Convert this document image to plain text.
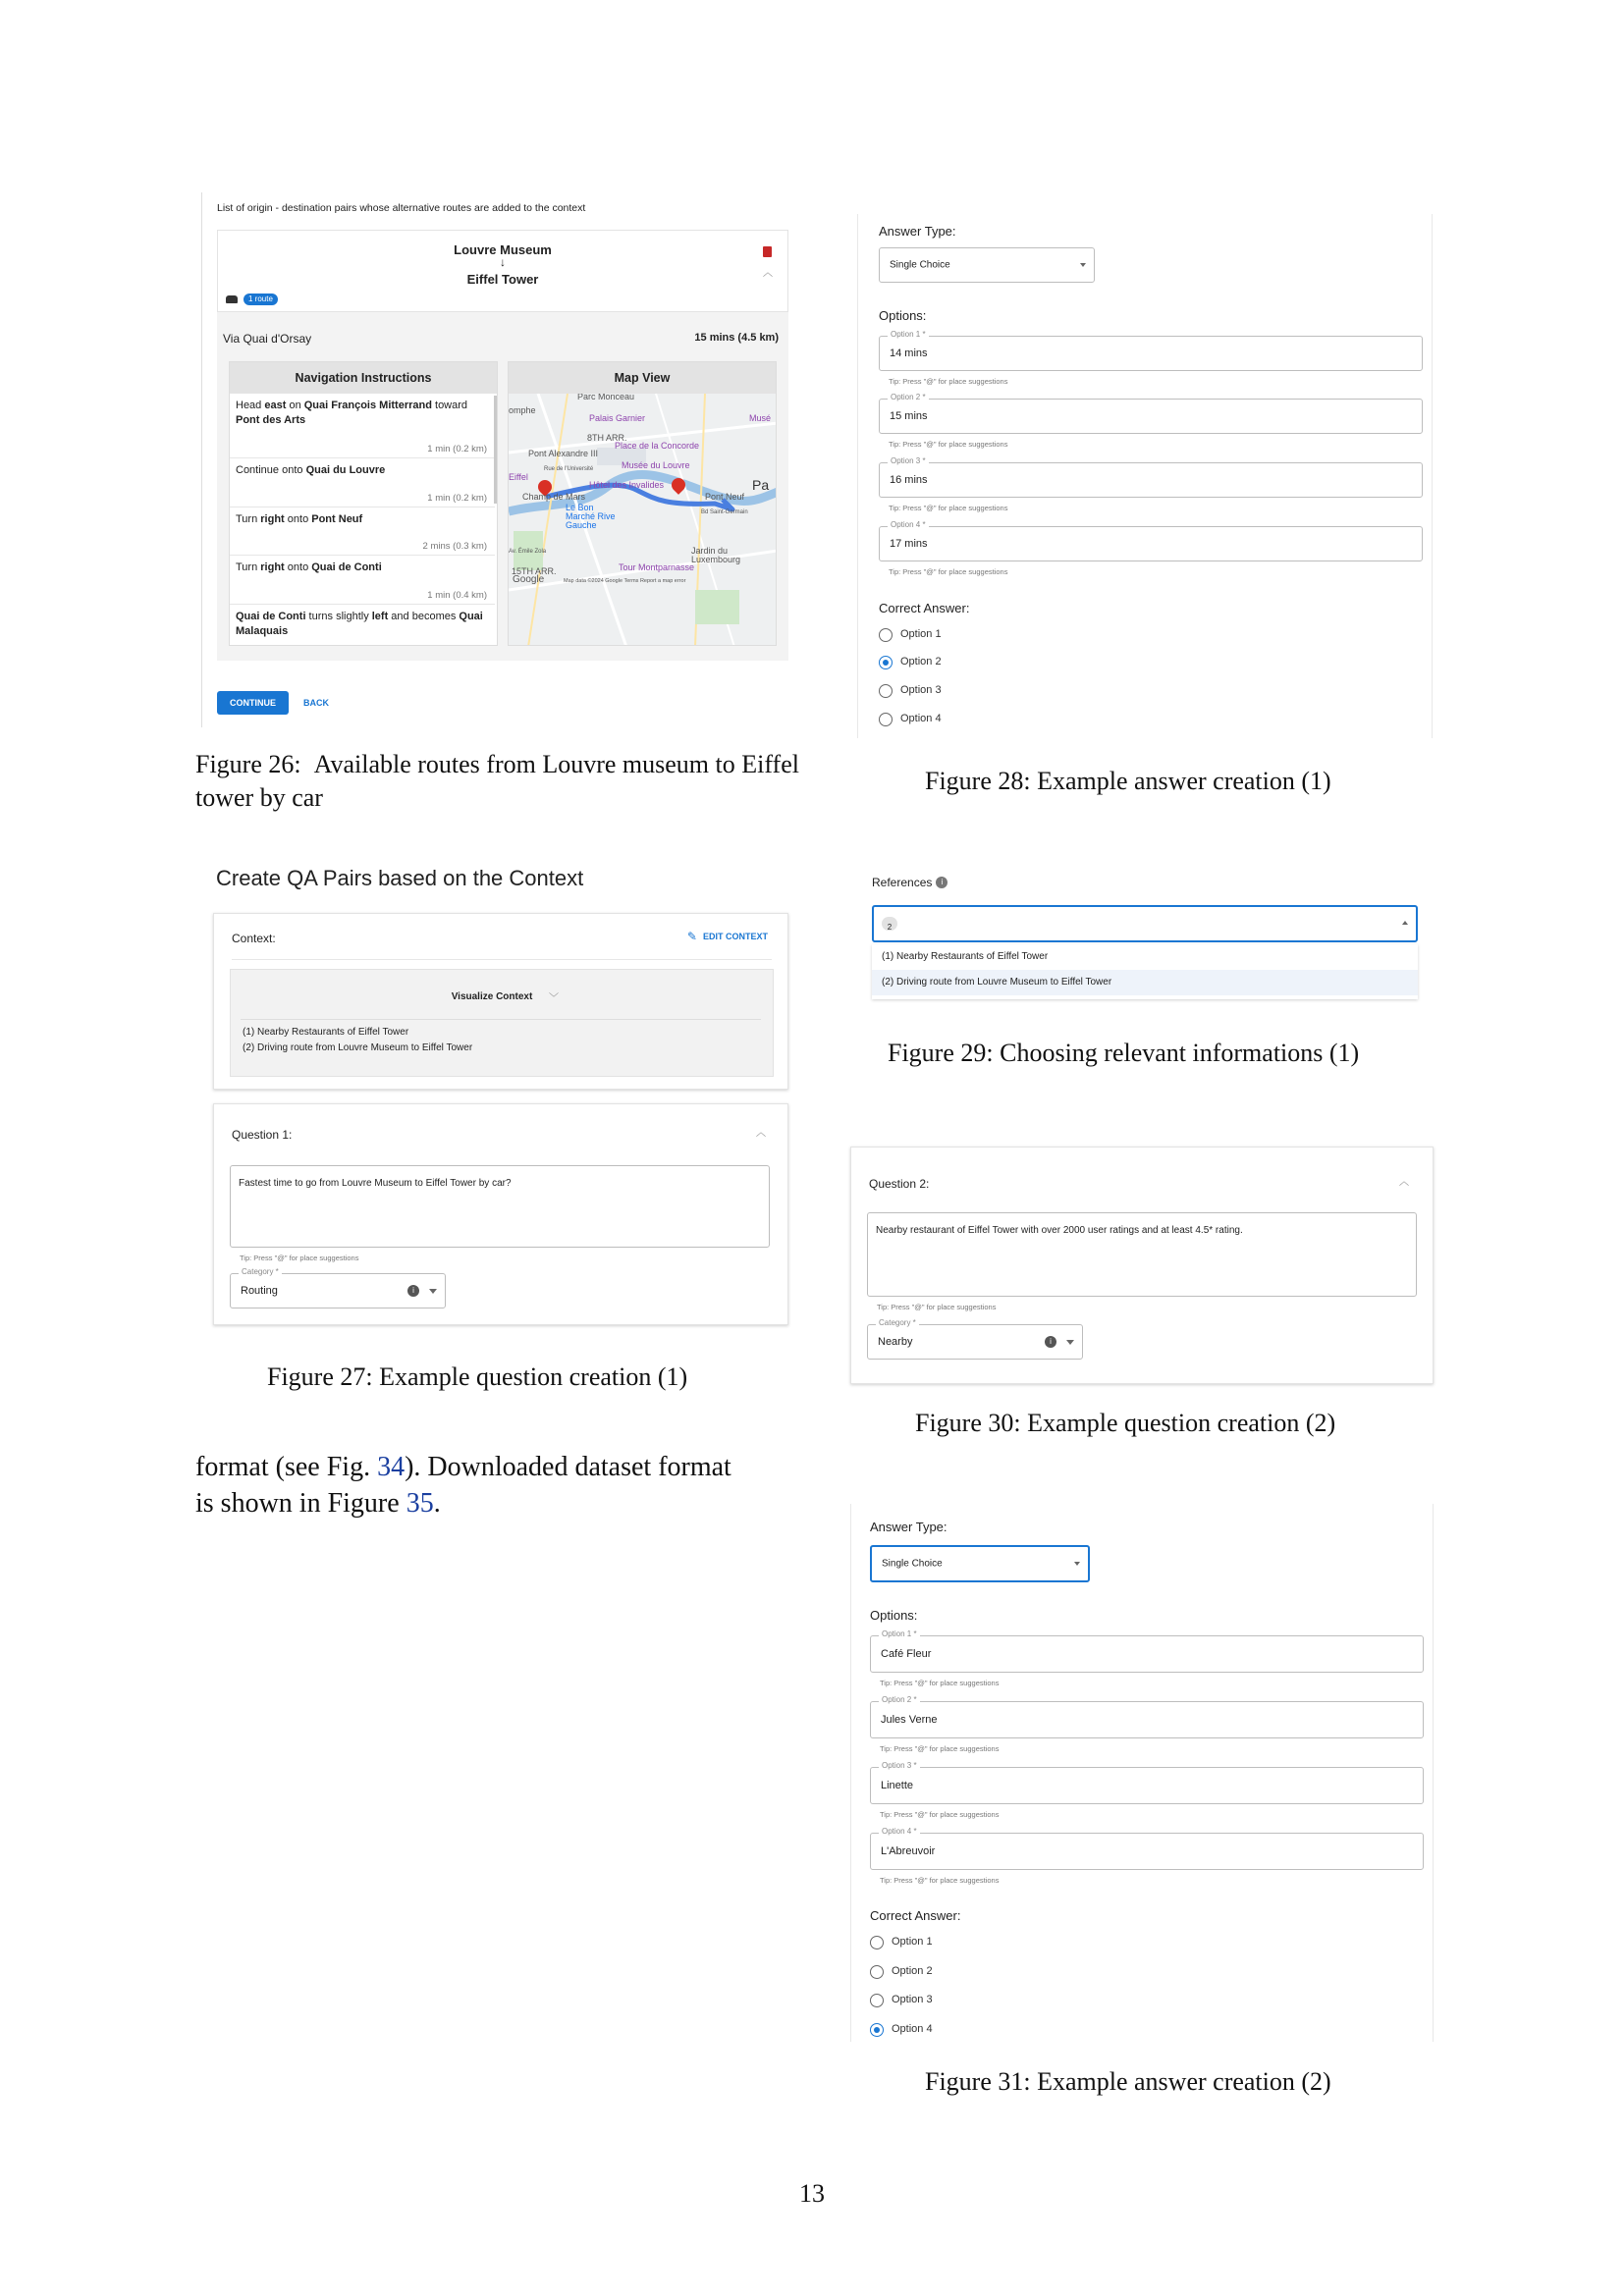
List of origin - destination pairs whose alternative routes are added to the context
Louvre Museum
↓
Eiffel Tower	︿
1 route
Via Quai d'Orsay	15 mins (4.5 km)
Navigation Instructions
Head east on Quai François Mitterrand toward Pont des Arts
1 min (0.2 km)
Continue onto Quai du Louvre
1 min (0.2 km)
Turn right onto Pont Neuf
2 mins (0.3 km)
Turn right onto Quai de Conti
1 min (0.4 km)
Quai de Conti turns slightly left and becomes Quai Malaquais
Map View
Parc Monceau
omphe
Palais Garnier	Musé
8TH ARR.
Place de la Concorde
Pont Alexandre III
Musée du Louvre
Eiffel
Rue de l'Université
Hôtel des Invalides	Pa
Champ de Mars	Pont Neuf
Le Bon Marché Rive Gauche
Bd Saint-Germain
Av. Émile Zola	Jardin du Luxembourg
Tour Montparnasse
15TH ARR.
Google	Map data ©2024 Google Terms Report a map error
CONTINUE	BACK
Figure 26: Available routes from Louvre museum to Eiffel tower by car
Create QA Pairs based on the Context
Context:	✎ EDIT CONTEXT
Visualize Context	﹀
(1) Nearby Restaurants of Eiffel Tower
(2) Driving route from Louvre Museum to Eiffel Tower
Question 1:	︿
Fastest time to go from Louvre Museum to Eiffel Tower by car?
Tip: Press "@" for place suggestions
Category *
Routing	i
Figure 27: Example question creation (1)
format (see Fig. 34). Downloaded dataset format
is shown in Figure 35.
Answer Type:
Single Choice
Options:
Option 1 *
14 mins
Tip: Press "@" for place suggestions
Option 2 *
15 mins
Tip: Press "@" for place suggestions
Option 3 *
16 mins
Tip: Press "@" for place suggestions
Option 4 *
17 mins
Tip: Press "@" for place suggestions
Correct Answer:
Option 1
Option 2
Option 3
Option 4
Figure 28: Example answer creation (1)
References	i
2
(1) Nearby Restaurants of Eiffel Tower
(2) Driving route from Louvre Museum to Eiffel Tower
Figure 29: Choosing relevant informations (1)
Question 2:	︿
Nearby restaurant of Eiffel Tower with over 2000 user ratings and at least 4.5* rating.
Tip: Press "@" for place suggestions
Category *
Nearby	i
Figure 30: Example question creation (2)
Answer Type:
Single Choice
Options:
Option 1 *
Café Fleur
Tip: Press "@" for place suggestions
Option 2 *
Jules Verne
Tip: Press "@" for place suggestions
Option 3 *
Linette
Tip: Press "@" for place suggestions
Option 4 *
L'Abreuvoir
Tip: Press "@" for place suggestions
Correct Answer:
Option 1
Option 2
Option 3
Option 4
Figure 31: Example answer creation (2)
13
